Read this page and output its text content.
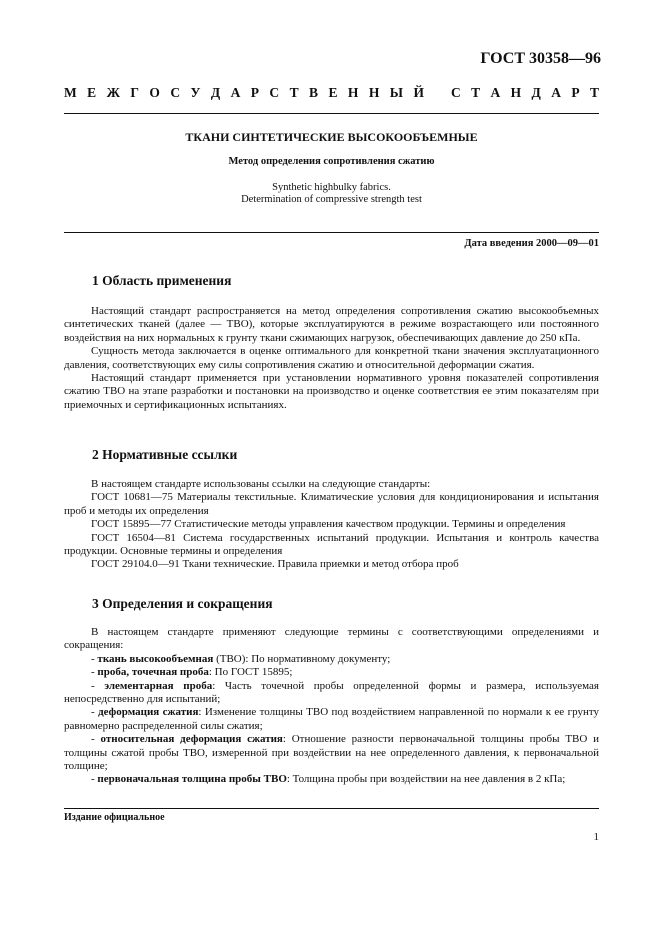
ГОСТ 30358—96
М Е Ж Г О С У Д А Р С Т В Е Н Н Ы Й С Т А Н Д А Р Т
ТКАНИ СИНТЕТИЧЕСКИЕ ВЫСОКООБЪЕМНЫЕ
Метод определения сопротивления сжатию
Synthetic highbulky fabrics.
Determination of compressive strength test
Дата введения 2000—09—01
1 Область применения

Настоящий стандарт распространяется на метод определения сопротивления сжатию высокообъемных синтетических тканей (далее — ТВО), которые эксплуатируются в режиме возрастающего или постоянного воздействия на них нормальных к грунту ткани сжимающих нагрузок, обеспечивающих давление до 250 кПа.

Сущность метода заключается в оценке оптимального для конкретной ткани значения эксплуатационного давления, соответствующих ему силы сопротивления сжатию и относительной деформации сжатия.

Настоящий стандарт применяется при установлении нормативного уровня показателей сопротивления сжатию ТВО на этапе разработки и постановки на производство и оценке соответствия ее этим показателям при приемочных и сертификационных испытаниях.

2 Нормативные ссылки

В настоящем стандарте использованы ссылки на следующие стандарты:

ГОСТ 10681—75 Материалы текстильные. Климатические условия для кондиционирования и испытания проб и методы их определения

ГОСТ 15895—77 Статистические методы управления качеством продукции. Термины и определения

ГОСТ 16504—81 Система государственных испытаний продукции. Испытания и контроль качества продукции. Основные термины и определения

ГОСТ 29104.0—91 Ткани технические. Правила приемки и метод отбора проб

3 Определения и сокращения

В настоящем стандарте применяют следующие термины с соответствующими определениями и сокращения:

- ткань высокообъемная (ТВО): По нормативному документу;

- проба, точечная проба: По ГОСТ 15895;

- элементарная проба: Часть точечной пробы определенной формы и размера, используемая непосредственно для испытаний;

- деформация сжатия: Изменение толщины ТВО под воздействием направленной по нормали к ее грунту равномерно распределенной силы сжатия;

- относительная деформация сжатия: Отношение разности первоначальной толщины пробы ТВО и толщины сжатой пробы ТВО, измеренной при воздействии на нее определенного давления, к первоначальной толщине;

- первоначальная толщина пробы ТВО: Толщина пробы при воздействии на нее давления в 2 кПа;

Издание официальное
1
